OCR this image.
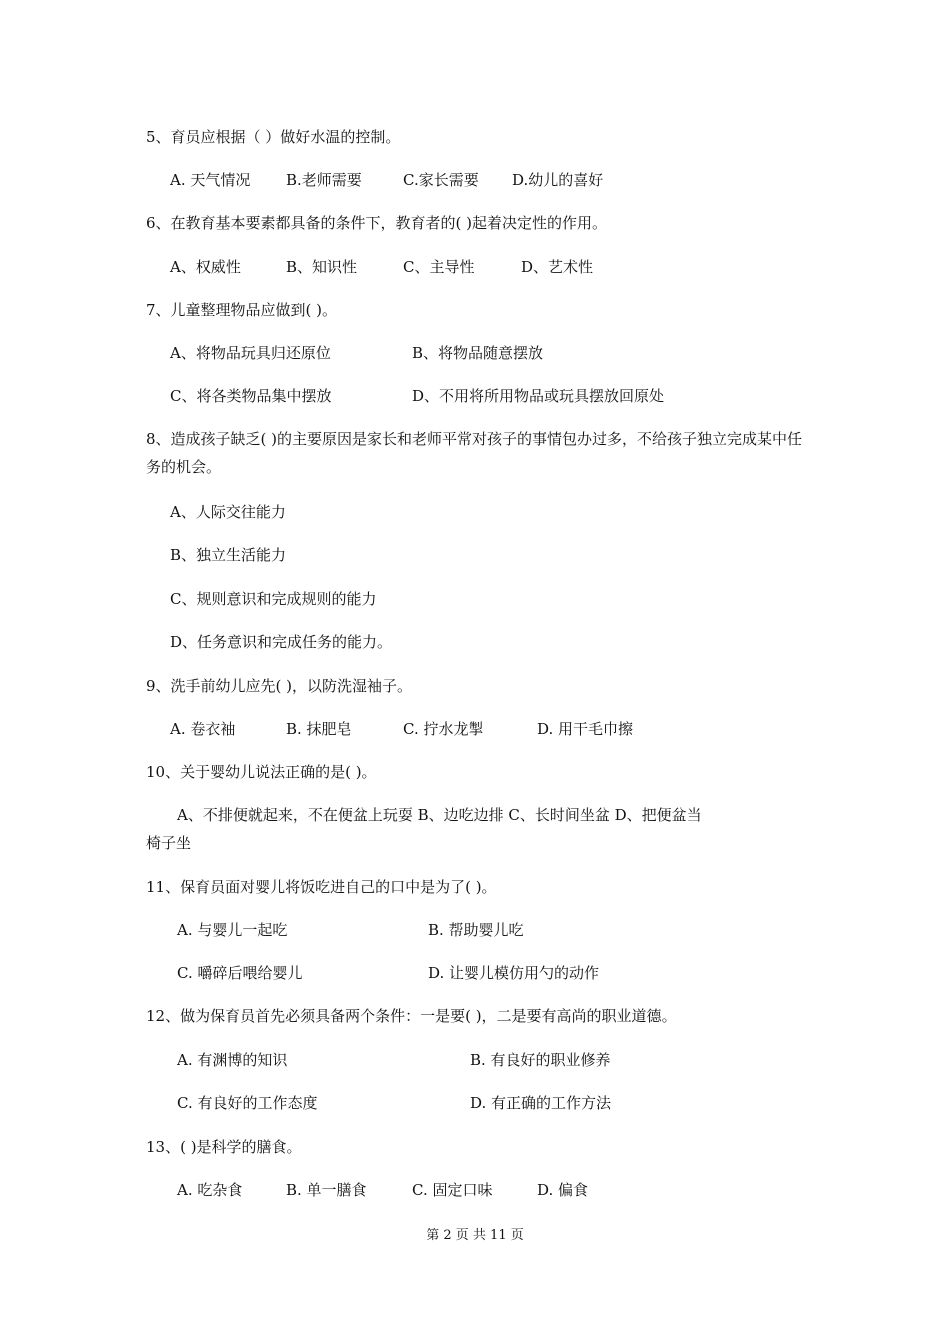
5、育员应根据（ ）做好水温的控制。

A. 天气情况 B.老师需要	C.家长需要 D.幼儿的喜好

6、在教育基本要素都具备的条件下，教育者的( )起着决定性的作用。

A、权威性	B、知识性	C、主导性	D、艺术性

7、儿童整理物品应做到( )。

A、将物品玩具归还原位	B、将物品随意摆放
C、将各类物品集中摆放	D、不用将所用物品或玩具摆放回原处

8、造成孩子缺乏( )的主要原因是家长和老师平常对孩子的事情包办过多，不给孩子独立完成某中任务的机会。

A、人际交往能力
B、独立生活能力
C、规则意识和完成规则的能力
D、任务意识和完成任务的能力。

9、洗手前幼儿应先( )，以防洗湿袖子。

A. 卷衣袖	B. 抹肥皂	C. 拧水龙掣	D. 用干毛巾擦

10、关于婴幼儿说法正确的是( )。

A、不排便就起来，不在便盆上玩耍 B、边吃边排 C、长时间坐盆 D、把便盆当

椅子坐

11、保育员面对婴儿将饭吃进自己的口中是为了( )。

A. 与婴儿一起吃	B. 帮助婴儿吃
C. 嚼碎后喂给婴儿	D. 让婴儿模仿用勺的动作

12、做为保育员首先必须具备两个条件：一是要( )，二是要有高尚的职业道德。

A. 有渊博的知识	B. 有良好的职业修养
C. 有良好的工作态度	D. 有正确的工作方法

13、( )是科学的膳食。

A. 吃杂食	B. 单一膳食	C. 固定口味	D. 偏食
第 2 页 共 11 页
